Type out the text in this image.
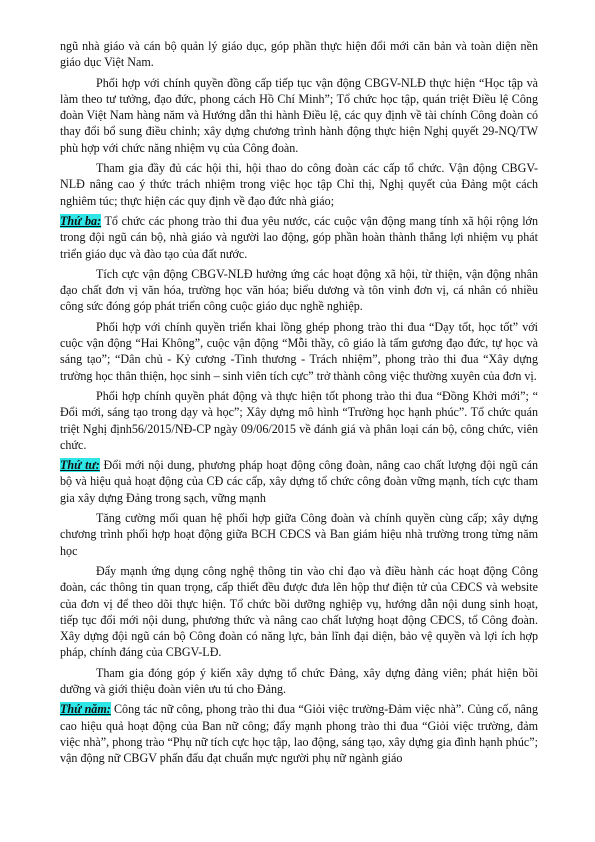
ngũ nhà giáo và cán bộ quản lý giáo dục, góp phần thực hiện đổi mới căn bản và toàn diện nền giáo dục Việt Nam.

Phối hợp với chính quyền đồng cấp tiếp tục vận động CBGV-NLĐ thực hiện “Học tập và làm theo tư tưởng, đạo đức, phong cách Hồ Chí Minh”; Tổ chức học tập, quán triệt Điều lệ Công đoàn Việt Nam hàng năm và Hướng dẫn thi hành Điều lệ, các quy định về tài chính Công đoàn có thay đổi bổ sung điều chỉnh; xây dựng chương trình hành động thực hiện Nghị quyết 29-NQ/TW phù hợp với chức năng nhiệm vụ của Công đoàn.

Tham gia đầy đủ các hội thi, hội thao do công đoàn các cấp tổ chức. Vận động CBGV-NLĐ nâng cao ý thức trách nhiệm trong việc học tập Chỉ thị, Nghị quyết của Đảng một cách nghiêm túc; thực hiện các quy định về đạo đức nhà giáo;

Thứ ba: Tổ chức các phong trào thi đua yêu nước, các cuộc vận động mang tính xã hội rộng lớn trong đội ngũ cán bộ, nhà giáo và người lao động, góp phần hoàn thành thắng lợi nhiệm vụ phát triển giáo dục và đào tạo của đất nước.

Tích cực vận động CBGV-NLĐ hưởng ứng các hoạt động xã hội, từ thiện, vận động nhân đạo chất đơn vị văn hóa, trường học văn hóa; biểu dương và tôn vinh đơn vị, cá nhân có nhiều công sức đóng góp phát triển công cuộc giáo dục nghề nghiệp.

Phối hợp với chính quyền triển khai lồng ghép phong trào thi đua “Dạy tốt, học tốt” với cuộc vận động “Hai Không”, cuộc vận động “Mỗi thầy, cô giáo là tấm gương đạo đức, tự học và sáng tạo”; “Dân chủ - Kỷ cương -Tình thương - Trách nhiệm”, phong trào thi đua “Xây dựng trường học thân thiện, học sinh – sinh viên tích cực” trở thành công việc thường xuyên của đơn vị.

Phối hợp chính quyền phát động và thực hiện tốt phong trào thi đua “Đồng Khởi mới”; “ Đổi mới, sáng tạo trong dạy và học”; Xây dựng mô hình “Trường học hạnh phúc”. Tổ chức quán triệt Nghị định56/2015/NĐ-CP ngày 09/06/2015 về đánh giá và phân loại cán bộ, công chức, viên chức.

Thứ tư: Đổi mới nội dung, phương pháp hoạt động công đoàn, nâng cao chất lượng đội ngũ cán bộ và hiệu quả hoạt động của CĐ các cấp, xây dựng tổ chức công đoàn vững mạnh, tích cực tham gia xây dựng Đảng trong sạch, vững mạnh

Tăng cường mối quan hệ phối hợp giữa Công đoàn và chính quyền cùng cấp; xây dựng chương trình phối hợp hoạt động giữa BCH CĐCS và Ban giám hiệu nhà trường trong từng năm học

Đẩy mạnh ứng dụng công nghệ thông tin vào chỉ đạo và điều hành các hoạt động Công đoàn, các thông tin quan trọng, cấp thiết đều được đưa lên hộp thư điện tử của CĐCS và website của đơn vị để theo dõi thực hiện. Tổ chức bồi dưỡng nghiệp vụ, hướng dẫn nội dung sinh hoạt, tiếp tục đổi mới nội dung, phương thức và nâng cao chất lượng hoạt động CĐCS, tổ Công đoàn. Xây dựng đội ngũ cán bộ Công đoàn có năng lực, bản lĩnh đại diện, bảo vệ quyền và lợi ích hợp pháp, chính đáng của CBGV-LĐ.

Tham gia đóng góp ý kiến xây dựng tổ chức Đảng, xây dựng đảng viên; phát hiện bồi dưỡng và giới thiệu đoàn viên ưu tú cho Đảng.

Thứ năm: Công tác nữ công, phong trào thi đua “Giỏi việc trường-Đảm việc nhà”. Củng cố, nâng cao hiệu quả hoạt động của Ban nữ công; đẩy mạnh phong trào thi đua “Giỏi việc trường, đảm việc nhà”, phong trào “Phụ nữ tích cực học tập, lao động, sáng tạo, xây dựng gia đình hạnh phúc”; vận động nữ CBGV phấn đấu đạt chuẩn mực người phụ nữ ngành giáo
